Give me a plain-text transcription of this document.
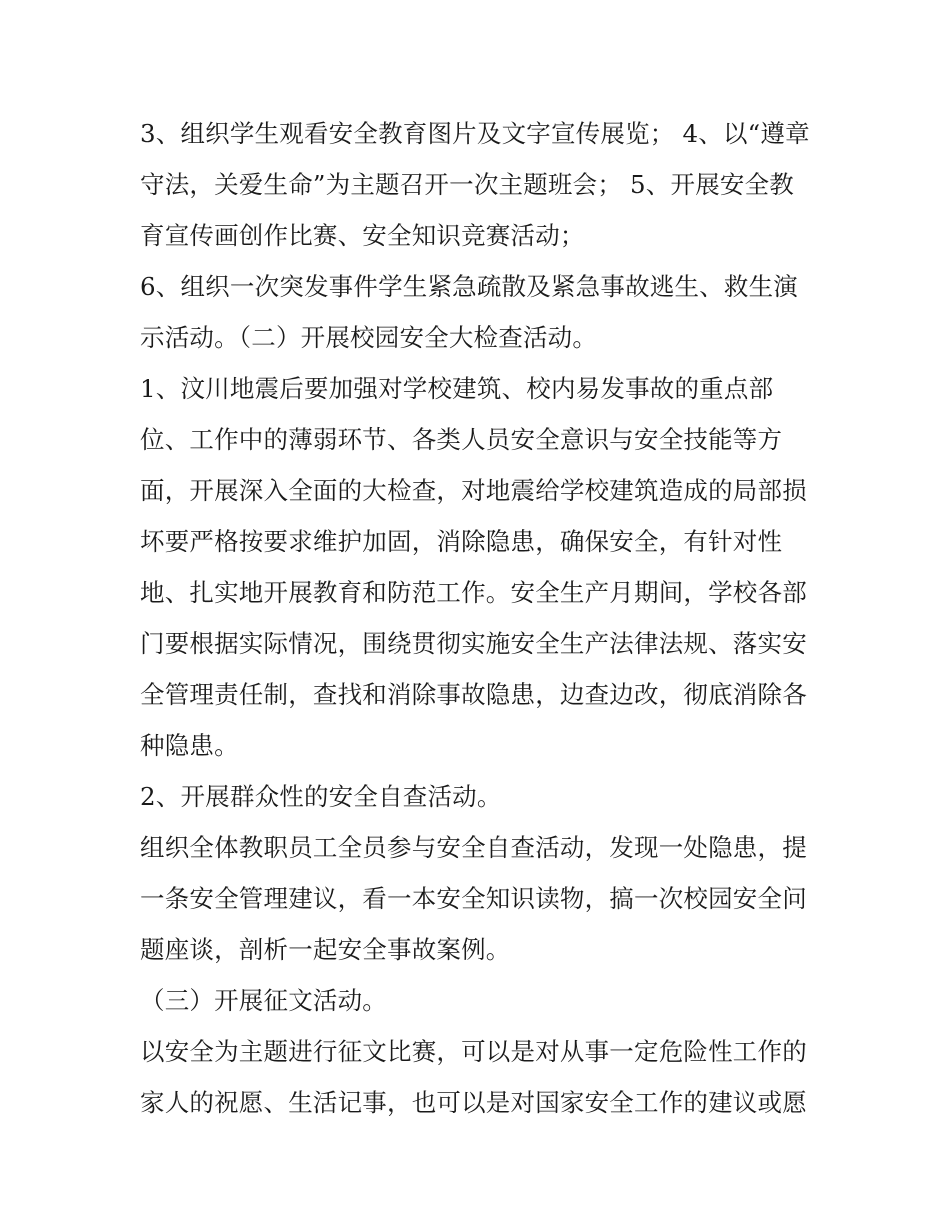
3、组织学生观看安全教育图片及文字宣传展览； 4、以“遵章
守法，关爱生命”为主题召开一次主题班会； 5、开展安全教
育宣传画创作比赛、安全知识竞赛活动；
6、组织一次突发事件学生紧急疏散及紧急事故逃生、救生演
示活动。（二）开展校园安全大检查活动。
1、汶川地震后要加强对学校建筑、校内易发事故的重点部
位、工作中的薄弱环节、各类人员安全意识与安全技能等方
面，开展深入全面的大检查，对地震给学校建筑造成的局部损
坏要严格按要求维护加固，消除隐患，确保安全，有针对性
地、扎实地开展教育和防范工作。安全生产月期间，学校各部
门要根据实际情况，围绕贯彻实施安全生产法律法规、落实安
全管理责任制，查找和消除事故隐患，边查边改，彻底消除各
种隐患。
2、开展群众性的安全自查活动。
组织全体教职员工全员参与安全自查活动，发现一处隐患，提
一条安全管理建议，看一本安全知识读物，搞一次校园安全问
题座谈，剖析一起安全事故案例。
（三）开展征文活动。
以安全为主题进行征文比赛，可以是对从事一定危险性工作的
家人的祝愿、生活记事，也可以是对国家安全工作的建议或愿
